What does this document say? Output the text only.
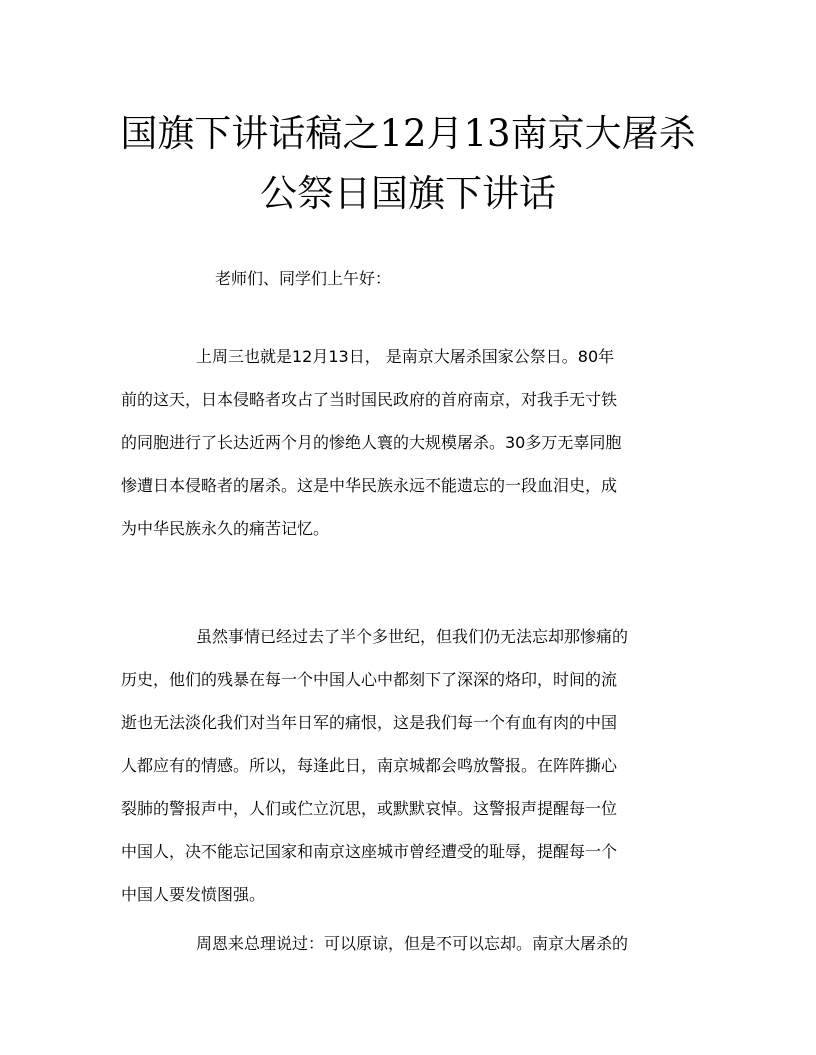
国旗下讲话稿之12月13南京大屠杀
公祭日国旗下讲话
老师们、同学们上午好：
上周三也就是12月13日， 是南京大屠杀国家公祭日。80年
前的这天，日本侵略者攻占了当时国民政府的首府南京，对我手无寸铁
的同胞进行了长达近两个月的惨绝人寰的大规模屠杀。30多万无辜同胞
惨遭日本侵略者的屠杀。这是中华民族永远不能遗忘的一段血泪史，成
为中华民族永久的痛苦记忆。
虽然事情已经过去了半个多世纪，但我们仍无法忘却那惨痛的
历史，他们的残暴在每一个中国人心中都刻下了深深的烙印，时间的流
逝也无法淡化我们对当年日军的痛恨，这是我们每一个有血有肉的中国
人都应有的情感。所以，每逢此日，南京城都会鸣放警报。在阵阵撕心
裂肺的警报声中，人们或伫立沉思，或默默哀悼。这警报声提醒每一位
中国人，决不能忘记国家和南京这座城市曾经遭受的耻辱，提醒每一个
中国人要发愤图强。
周恩来总理说过：可以原谅，但是不可以忘却。南京大屠杀的
